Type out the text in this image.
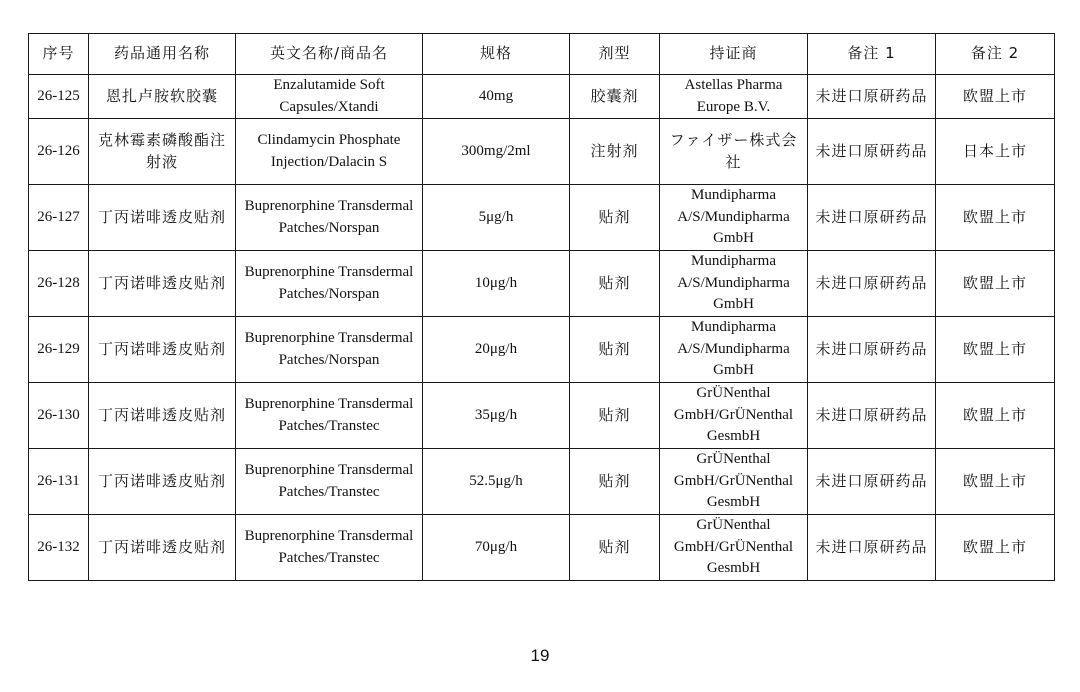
序号	药品通用名称	英文名称/商品名	规格	剂型	持证商	备注 1	备注 2
26-125	恩扎卢胺软胶囊	Enzalutamide Soft Capsules/Xtandi	40mg	胶囊剂	Astellas Pharma Europe B.V.	未进口原研药品	欧盟上市
26-126	克林霉素磷酸酯注射液	Clindamycin Phosphate Injection/Dalacin S	300mg/2ml	注射剂	ファイザー株式会社	未进口原研药品	日本上市
26-127	丁丙诺啡透皮贴剂	Buprenorphine Transdermal Patches/Norspan	5μg/h	贴剂	Mundipharma A/S/Mundipharma GmbH	未进口原研药品	欧盟上市
26-128	丁丙诺啡透皮贴剂	Buprenorphine Transdermal Patches/Norspan	10μg/h	贴剂	Mundipharma A/S/Mundipharma GmbH	未进口原研药品	欧盟上市
26-129	丁丙诺啡透皮贴剂	Buprenorphine Transdermal Patches/Norspan	20μg/h	贴剂	Mundipharma A/S/Mundipharma GmbH	未进口原研药品	欧盟上市
26-130	丁丙诺啡透皮贴剂	Buprenorphine Transdermal Patches/Transtec	35μg/h	贴剂	GrÜNenthal GmbH/GrÜNenthal GesmbH	未进口原研药品	欧盟上市
26-131	丁丙诺啡透皮贴剂	Buprenorphine Transdermal Patches/Transtec	52.5μg/h	贴剂	GrÜNenthal GmbH/GrÜNenthal GesmbH	未进口原研药品	欧盟上市
26-132	丁丙诺啡透皮贴剂	Buprenorphine Transdermal Patches/Transtec	70μg/h	贴剂	GrÜNenthal GmbH/GrÜNenthal GesmbH	未进口原研药品	欧盟上市
19
